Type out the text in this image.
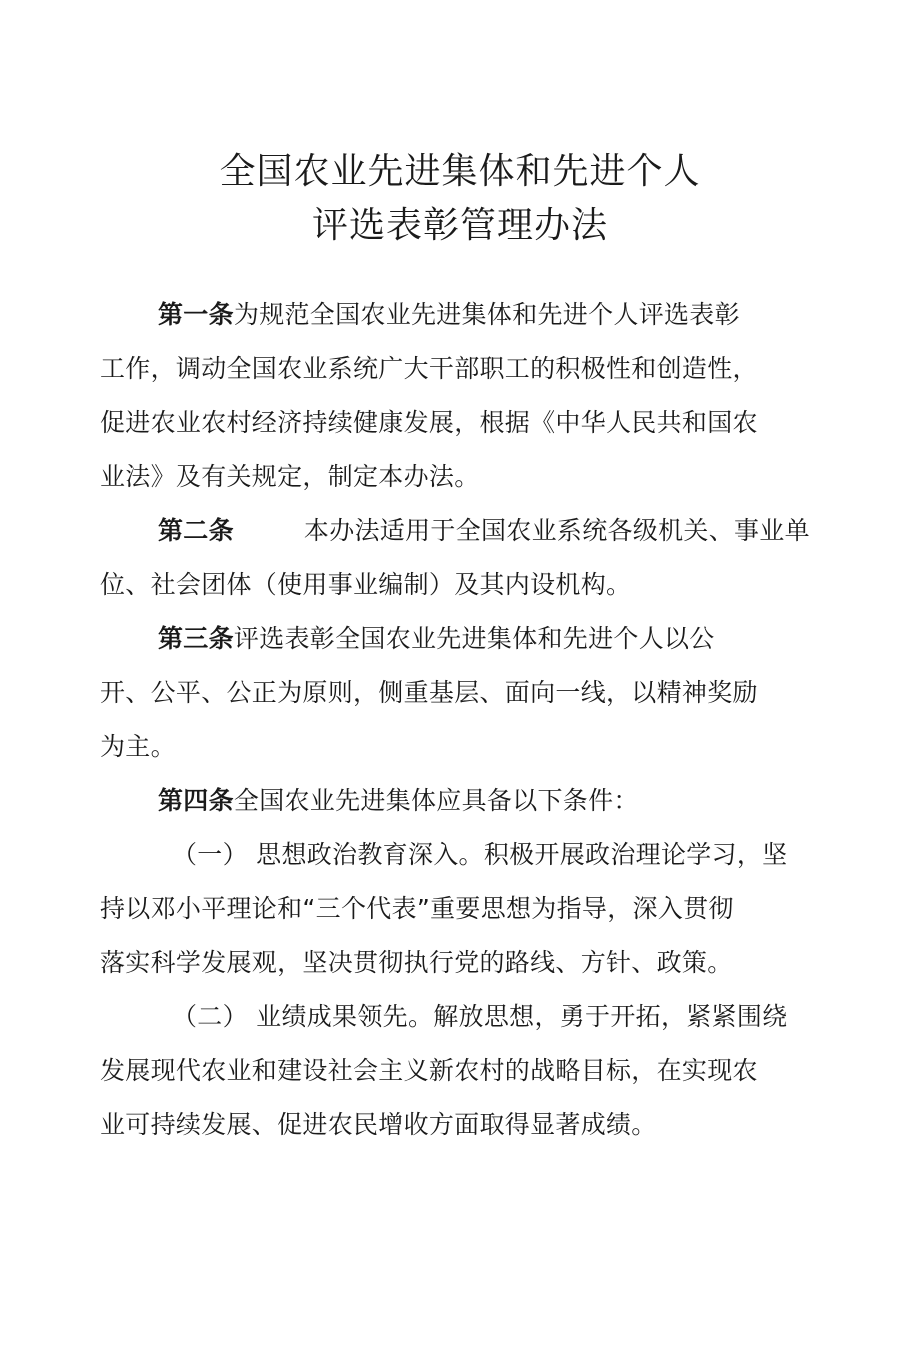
全国农业先进集体和先进个人
评选表彰管理办法
第一条为规范全国农业先进集体和先进个人评选表彰
工作，调动全国农业系统广大干部职工的积极性和创造性，
促进农业农村经济持续健康发展，根据《中华人民共和国农
业法》及有关规定，制定本办法。
第二条	本办法适用于全国农业系统各级机关、事业单
位、社会团体（使用事业编制）及其内设机构。
第三条评选表彰全国农业先进集体和先进个人以公
开、公平、公正为原则，侧重基层、面向一线，以精神奖励
为主。
第四条全国农业先进集体应具备以下条件：
（一） 思想政治教育深入。积极开展政治理论学习，坚
持以邓小平理论和“三个代表”重要思想为指导，深入贯彻
落实科学发展观，坚决贯彻执行党的路线、方针、政策。
（二） 业绩成果领先。解放思想，勇于开拓，紧紧围绕
发展现代农业和建设社会主义新农村的战略目标，在实现农
业可持续发展、促进农民增收方面取得显著成绩。
